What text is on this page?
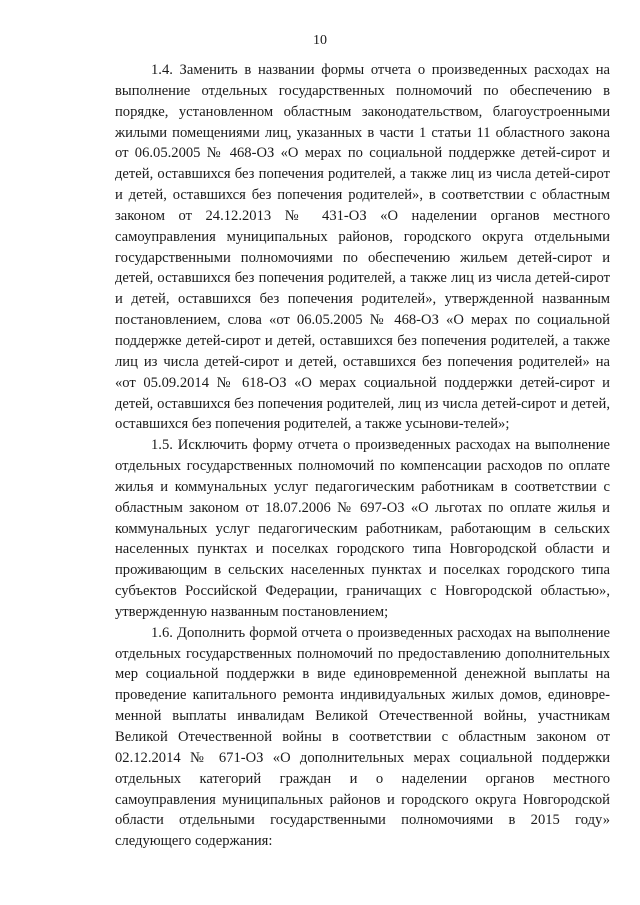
10

1.4. Заменить в названии формы отчета о произведенных расходах на выполнение отдельных государственных полномочий по обеспечению в порядке, установленном областным законодательством, благоустроенными жилыми помещениями лиц, указанных в части 1 статьи 11 областного закона от 06.05.2005 № 468-ОЗ «О мерах по социальной поддержке детей-сирот и детей, оставшихся без попечения родителей, а также лиц из числа детей-сирот и детей, оставшихся без попечения родителей», в соответствии с областным законом от 24.12.2013 № 431-ОЗ «О наделении органов местного самоуправления муниципальных районов, городского округа отдельными государственными полномочиями по обеспечению жильем детей-сирот и детей, оставшихся без попечения родителей, а также лиц из числа детей-сирот и детей, оставшихся без попечения родителей», утвержденной названным постановлением, слова «от 06.05.2005 № 468-ОЗ «О мерах по социальной поддержке детей-сирот и детей, оставшихся без попечения родителей, а также лиц из числа детей-сирот и детей, оставшихся без попечения родителей» на «от 05.09.2014 № 618-ОЗ «О мерах социальной поддержки детей-сирот и детей, оставшихся без попечения родителей, лиц из числа детей-сирот и детей, оставшихся без попечения родителей, а также усынови-телей»;

1.5. Исключить форму отчета о произведенных расходах на выполнение отдельных государственных полномочий по компенсации расходов по оплате жилья и коммунальных услуг педагогическим работникам в соответствии с областным законом от 18.07.2006 № 697-ОЗ «О льготах по оплате жилья и коммунальных услуг педагогическим работникам, работающим в сельских населенных пунктах и поселках городского типа Новгородской области и проживающим в сельских населенных пунктах и поселках городского типа субъектов Российской Федерации, граничащих с Новгородской областью», утвержденную названным постановлением;

1.6. Дополнить формой отчета о произведенных расходах на выполнение отдельных государственных полномочий по предоставлению дополнительных мер социальной поддержки в виде единовременной денежной выплаты на проведение капитального ремонта индивидуальных жилых домов, единовре-менной выплаты инвалидам Великой Отечественной войны, участникам Великой Отечественной войны в соответствии с областным законом от 02.12.2014 № 671-ОЗ «О дополнительных мерах социальной поддержки отдельных категорий граждан и о наделении органов местного самоуправления муниципальных районов и городского округа Новгородской области отдельными государственными полномочиями в 2015 году» следующего содержания:
